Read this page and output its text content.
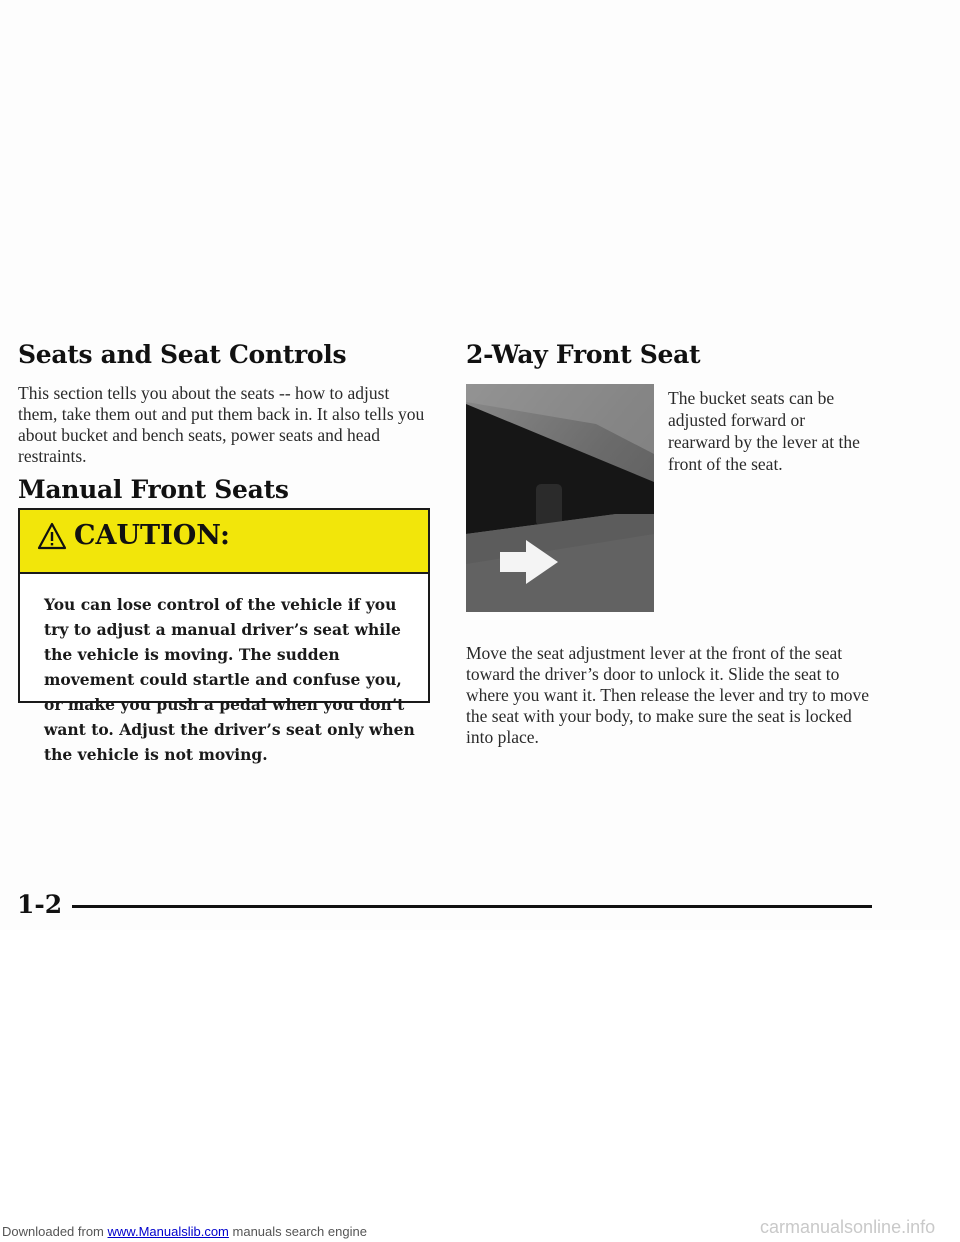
Seats and Seat Controls

This section tells you about the seats -- how to adjust them, take them out and put them back in. It also tells you about bucket and bench seats, power seats and head restraints.

Manual Front Seats
CAUTION:

You can lose control of the vehicle if you try to adjust a manual driver’s seat while the vehicle is moving. The sudden movement could startle and confuse you, or make you push a pedal when you don’t want to. Adjust the driver’s seat only when the vehicle is not moving.

2-Way Front Seat

The bucket seats can be adjusted forward or rearward by the lever at the front of the seat.

Move the seat adjustment lever at the front of the seat toward the driver’s door to unlock it. Slide the seat to where you want it. Then release the lever and try to move the seat with your body, to make sure the seat is locked into place.

1-2

Downloaded from www.Manualslib.com manuals search engine	carmanualsonline.info
